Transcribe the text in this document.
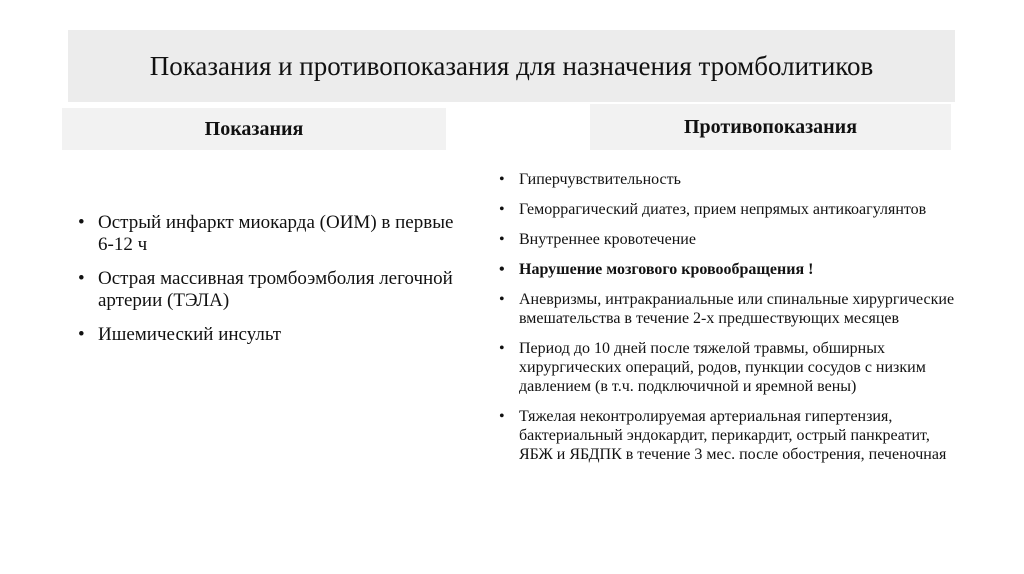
Показания и противопоказания для назначения тромболитиков
Показания	Противопоказания
• Острый инфаркт миокарда (ОИМ) в первые 6-12 ч
• Острая массивная тромбоэмболия легочной артерии (ТЭЛА)
• Ишемический инсульт
• Гиперчувствительность
• Геморрагический диатез, прием непрямых антикоагулянтов
• Внутреннее кровотечение
• Нарушение мозгового кровообращения !
• Аневризмы, интракраниальные или спинальные хирургические вмешательства в течение 2-х предшествующих месяцев
• Период до 10 дней после тяжелой травмы, обширных хирургических операций, родов, пункции сосудов с низким давлением (в т.ч. подключичной и яремной вены)
• Тяжелая неконтролируемая артериальная гипертензия, бактериальный эндокардит, перикардит, острый панкреатит, ЯБЖ и ЯБДПК в течение 3 мес. после обострения, печеночная
